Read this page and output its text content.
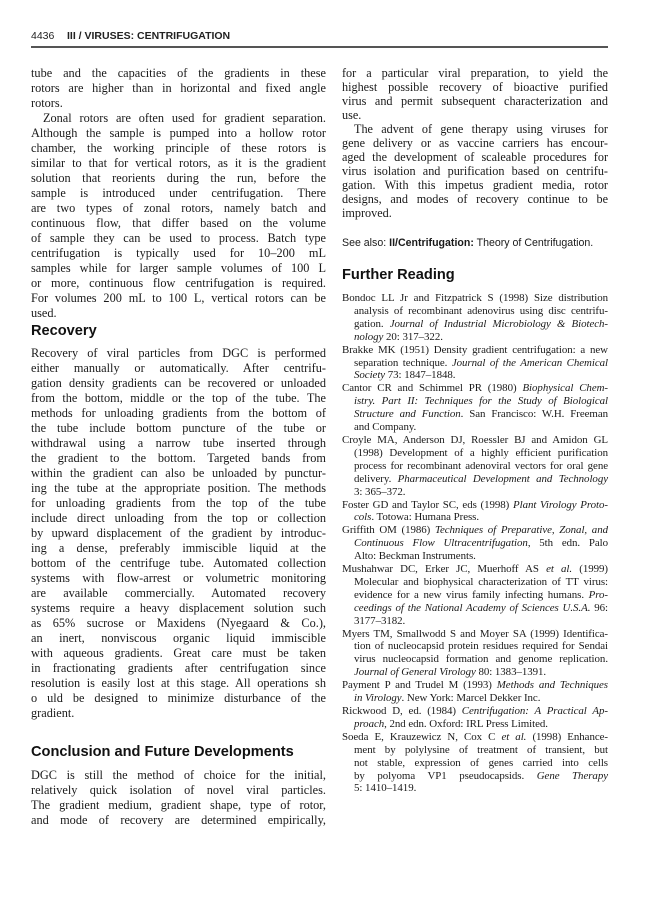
4436 III / VIRUSES: CENTRIFUGATION
tube and the capacities of the gradients in these
rotors are higher than in horizontal and fixed angle
rotors.
Zonal rotors are often used for gradient separation.
Although the sample is pumped into a hollow rotor
chamber, the working principle of these rotors is
similar to that for vertical rotors, as it is the gradient
solution that reorients during the run, before the
sample is introduced under centrifugation. There
are two types of zonal rotors, namely batch and
continuous flow, that differ based on the volume
of sample they can be used to process. Batch type
centrifugation is typically used for 10–200 mL
samples while for larger sample volumes of 100 L
or more, continuous flow centrifugation is required.
For volumes 200 mL to 100 L, vertical rotors can be
used.
Recovery
Recovery of viral particles from DGC is performed
either manually or automatically. After centrifu-
gation density gradients can be recovered or unloaded
from the bottom, middle or the top of the tube. The
methods for unloading gradients from the bottom of
the tube include bottom puncture of the tube or
withdrawal using a narrow tube inserted through
the gradient to the bottom. Targeted bands from
within the gradient can also be unloaded by punctur-
ing the tube at the appropriate position. The methods
for unloading gradients from the top of the tube
include direct unloading from the top or collection
by upward displacement of the gradient by introduc-
ing a dense, preferably immiscible liquid at the
bottom of the centrifuge tube. Automated collection
systems with flow-arrest or volumetric monitoring
are available commercially. Automated recovery
systems require a heavy displacement solution such
as 65% sucrose or Maxidens (Nyegaard & Co.),
an inert, nonviscous organic liquid immiscible
with aqueous gradients. Great care must be taken
in fractionating gradients after centrifugation since
resolution is easily lost at this stage. All operations sh
o uld be designed to minimize disturbance of the
gradient.
Conclusion and Future Developments
DGC is still the method of choice for the initial,
relatively quick isolation of novel viral particles.
The gradient medium, gradient shape, type of rotor,
and mode of recovery are determined empirically,
for a particular viral preparation, to yield the
highest possible recovery of bioactive purified
virus and permit subsequent characterization and
use.
The advent of gene therapy using viruses for
gene delivery or as vaccine carriers has encour-
aged the development of scaleable procedures for
virus isolation and purification based on centrifu-
gation. With this impetus gradient media, rotor
designs, and modes of recovery continue to be
improved.
See also: II/Centrifugation: Theory of Centrifugation.
Further Reading
Bondoc LL Jr and Fitzpatrick S (1998) Size distribution
analysis of recombinant adenovirus using disc centrifu-
gation. Journal of Industrial Microbiology & Biotech-
nology 20: 317–322.
Brakke MK (1951) Density gradient centrifugation: a new
separation technique. Journal of the American Chemical
Society 73: 1847–1848.
Cantor CR and Schimmel PR (1980) Biophysical Chem-
istry. Part II: Techniques for the Study of Biological
Structure and Function. San Francisco: W.H. Freeman
and Company.
Croyle MA, Anderson DJ, Roessler BJ and Amidon GL
(1998) Development of a highly efficient purification
process for recombinant adenoviral vectors for oral gene
delivery. Pharmaceutical Development and Technology
3: 365–372.
Foster GD and Taylor SC, eds (1998) Plant Virology Proto-
cols. Totowa: Humana Press.
Griffith OM (1986) Techniques of Preparative, Zonal, and
Continuous Flow Ultracentrifugation, 5th edn. Palo
Alto: Beckman Instruments.
Mushahwar DC, Erker JC, Muerhoff AS et al. (1999)
Molecular and biophysical characterization of TT virus:
evidence for a new virus family infecting humans. Pro-
ceedings of the National Academy of Sciences U.S.A. 96:
3177–3182.
Myers TM, Smallwodd S and Moyer SA (1999) Identifica-
tion of nucleocapsid protein residues required for Sendai
virus nucleocapsid formation and genome replication.
Journal of General Virology 80: 1383–1391.
Payment P and Trudel M (1993) Methods and Techniques
in Virology. New York: Marcel Dekker Inc.
Rickwood D, ed. (1984) Centrifugation: A Practical Ap-
proach, 2nd edn. Oxford: IRL Press Limited.
Soeda E, Krauzewicz N, Cox C et al. (1998) Enhance-
ment by polylysine of treatment of transient, but
not stable, expression of genes carried into cells
by polyoma VP1 pseudocapsids. Gene Therapy
5: 1410–1419.
